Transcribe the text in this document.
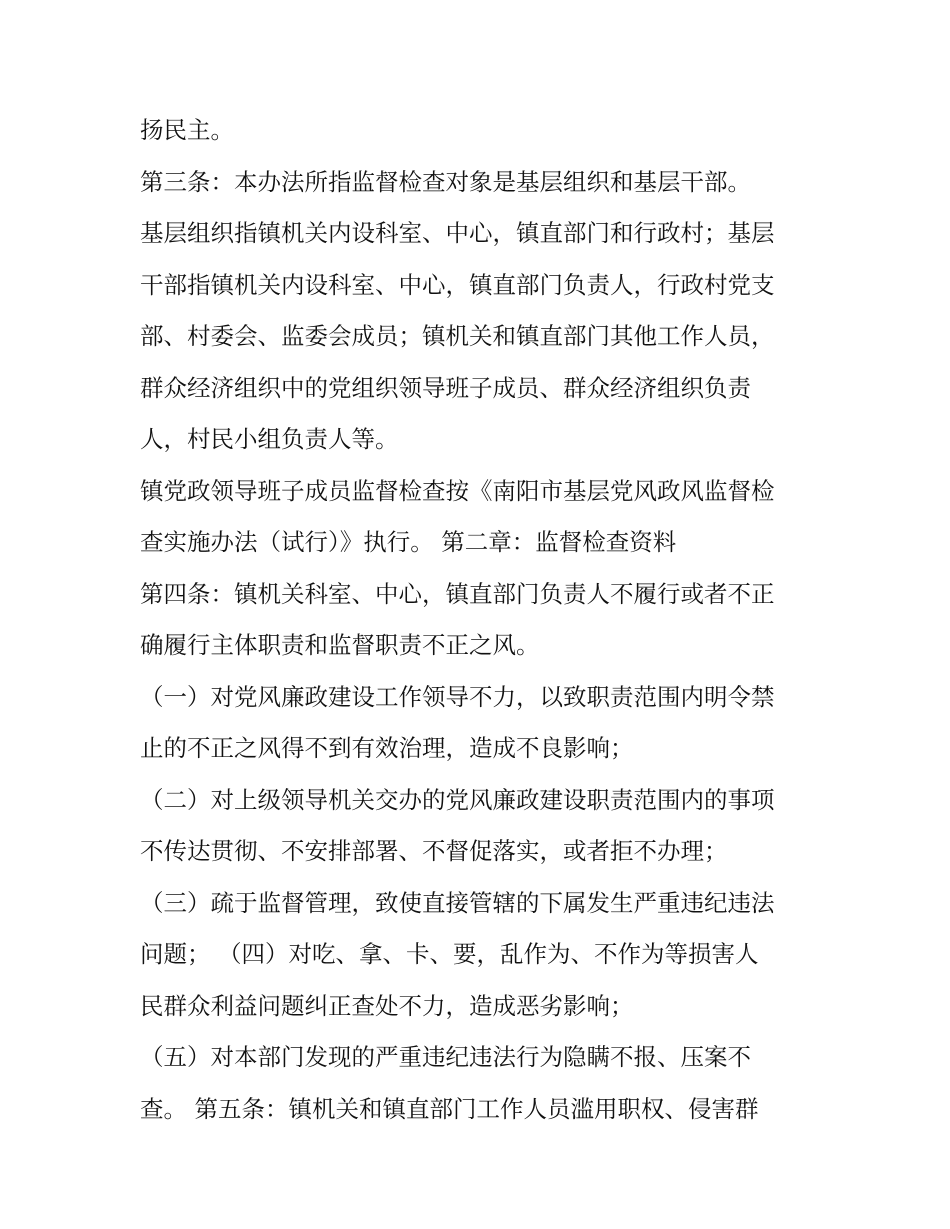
扬民主。
第三条：本办法所指监督检查对象是基层组织和基层干部。
基层组织指镇机关内设科室、中心，镇直部门和行政村；基层
干部指镇机关内设科室、中心，镇直部门负责人，行政村党支
部、村委会、监委会成员；镇机关和镇直部门其他工作人员，
群众经济组织中的党组织领导班子成员、群众经济组织负责
人，村民小组负责人等。
镇党政领导班子成员监督检查按《南阳市基层党风政风监督检
查实施办法（试行）》执行。 第二章：监督检查资料
第四条：镇机关科室、中心，镇直部门负责人不履行或者不正
确履行主体职责和监督职责不正之风。
（一）对党风廉政建设工作领导不力，以致职责范围内明令禁
止的不正之风得不到有效治理，造成不良影响；
（二）对上级领导机关交办的党风廉政建设职责范围内的事项
不传达贯彻、不安排部署、不督促落实，或者拒不办理；
（三）疏于监督管理，致使直接管辖的下属发生严重违纪违法
问题； （四）对吃、拿、卡、要，乱作为、不作为等损害人
民群众利益问题纠正查处不力，造成恶劣影响；
（五）对本部门发现的严重违纪违法行为隐瞒不报、压案不
查。 第五条：镇机关和镇直部门工作人员滥用职权、侵害群
